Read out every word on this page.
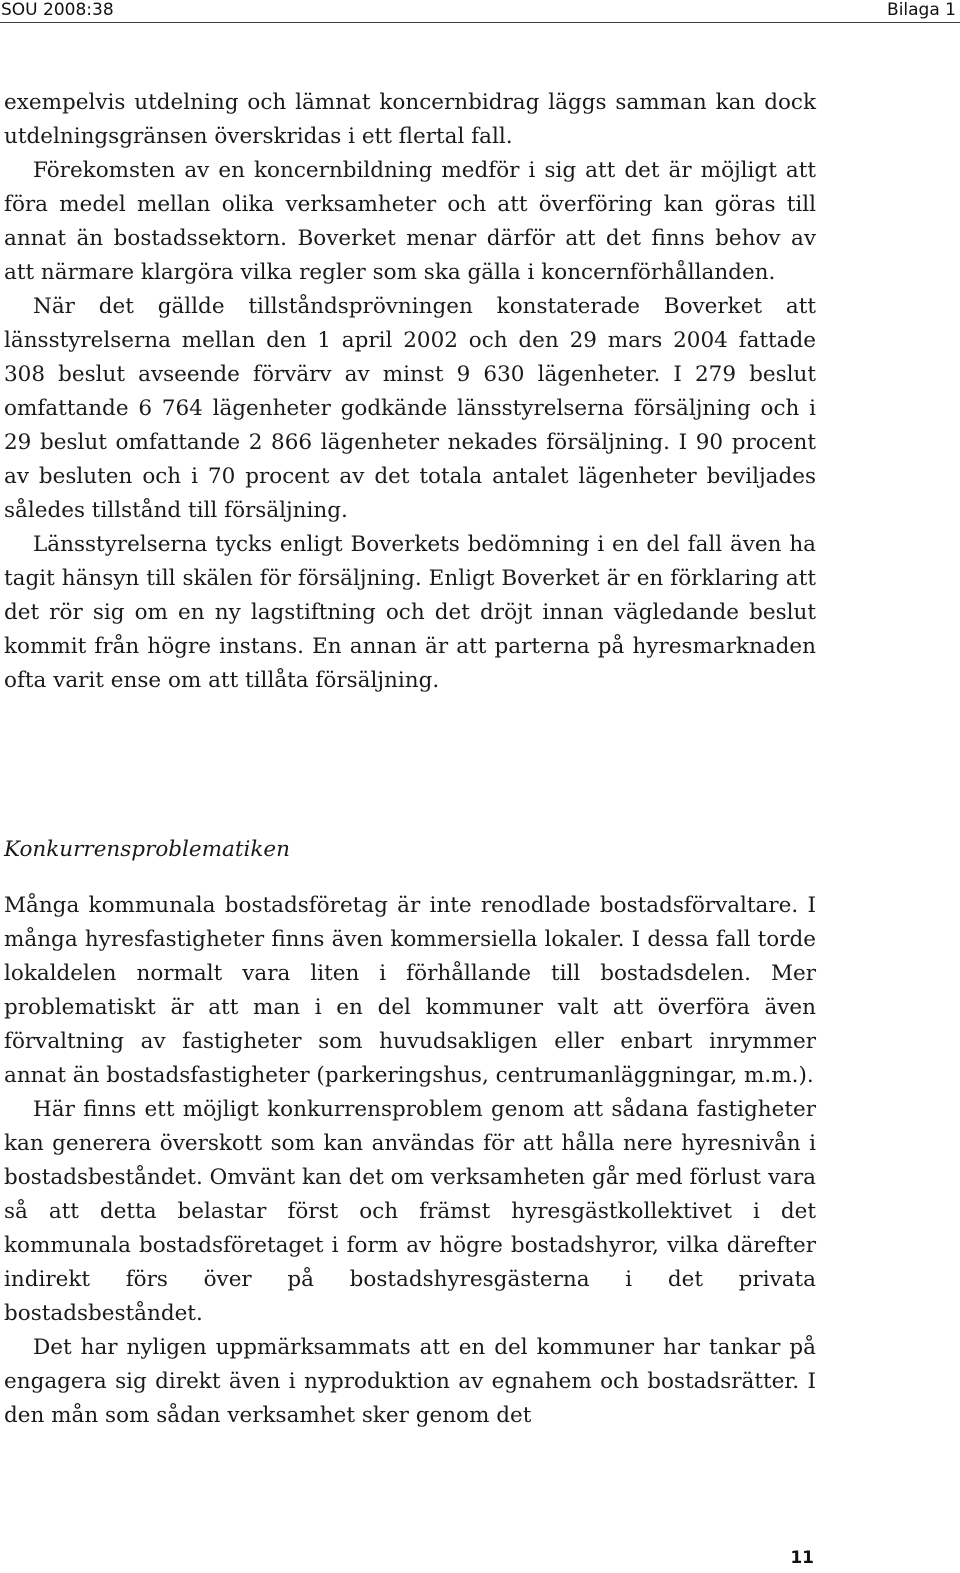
SOU 2008:38	Bilaga 1

exempelvis utdelning och lämnat koncernbidrag läggs samman kan dock utdelningsgränsen överskridas i ett flertal fall.

Förekomsten av en koncernbildning medför i sig att det är möjligt att föra medel mellan olika verksamheter och att överföring kan göras till annat än bostadssektorn. Boverket menar därför att det finns behov av att närmare klargöra vilka regler som ska gälla i koncernförhållanden.

När det gällde tillståndsprövningen konstaterade Boverket att länsstyrelserna mellan den 1 april 2002 och den 29 mars 2004 fattade 308 beslut avseende förvärv av minst 9 630 lägenheter. I 279 beslut omfattande 6 764 lägenheter godkände länsstyrelserna försäljning och i 29 beslut omfattande 2 866 lägenheter nekades försäljning. I 90 procent av besluten och i 70 procent av det totala antalet lägenheter beviljades således tillstånd till försäljning.

Länsstyrelserna tycks enligt Boverkets bedömning i en del fall även ha tagit hänsyn till skälen för försäljning. Enligt Boverket är en förklaring att det rör sig om en ny lagstiftning och det dröjt innan vägledande beslut kommit från högre instans. En annan är att parterna på hyresmarknaden ofta varit ense om att tillåta försäljning.

Konkurrensproblematiken

Många kommunala bostadsföretag är inte renodlade bostadsförvaltare. I många hyresfastigheter finns även kommersiella lokaler. I dessa fall torde lokaldelen normalt vara liten i förhållande till bostadsdelen. Mer problematiskt är att man i en del kommuner valt att överföra även förvaltning av fastigheter som huvudsakligen eller enbart inrymmer annat än bostadsfastigheter (parkeringshus, centrumanläggningar, m.m.).

Här finns ett möjligt konkurrensproblem genom att sådana fastigheter kan generera överskott som kan användas för att hålla nere hyresnivån i bostadsbeståndet. Omvänt kan det om verksamheten går med förlust vara så att detta belastar först och främst hyresgästkollektivet i det kommunala bostadsföretaget i form av högre bostadshyror, vilka därefter indirekt förs över på bostadshyresgästerna i det privata bostadsbeståndet.

Det har nyligen uppmärksammats att en del kommuner har tankar på engagera sig direkt även i nyproduktion av egnahem och bostadsrätter. I den mån som sådan verksamhet sker genom det

11
